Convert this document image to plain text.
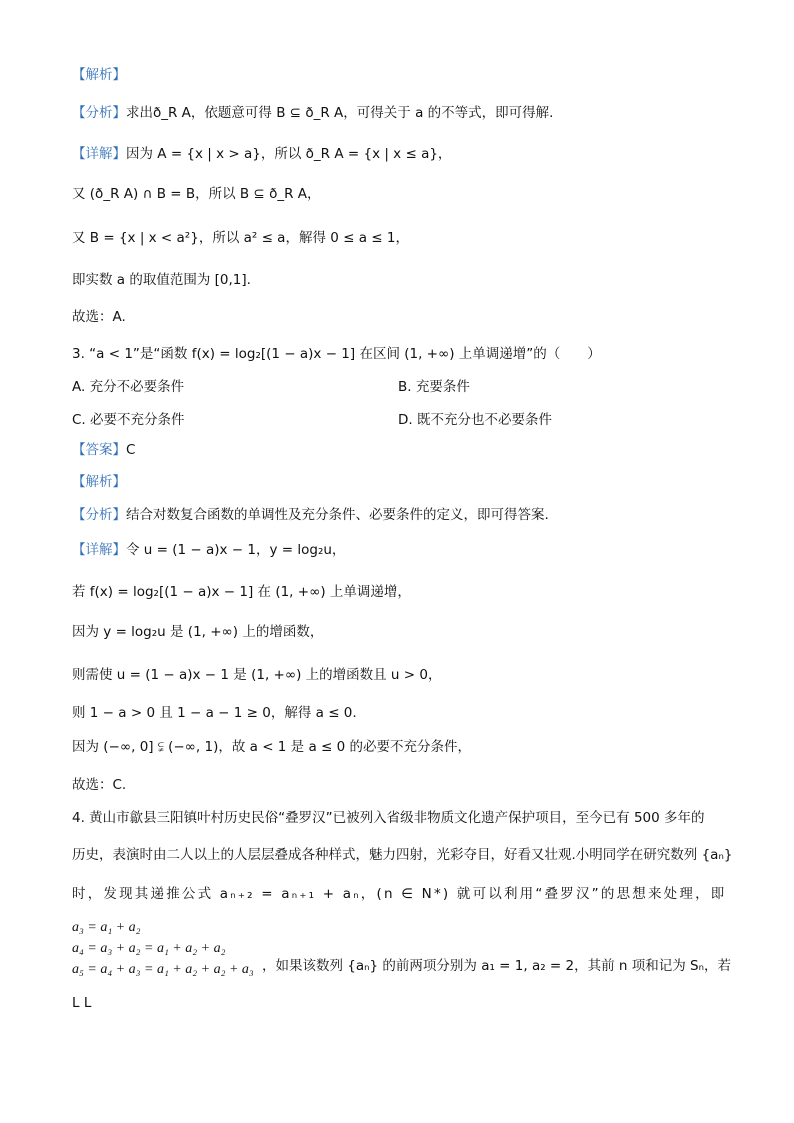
【解析】
【分析】求出ð_R A，依题意可得 B ⊆ ð_R A，可得关于 a 的不等式，即可得解.
【详解】因为 A = {x | x > a}，所以 ð_R A = {x | x ≤ a}，
又 (ð_R A) ∩ B = B，所以 B ⊆ ð_R A，
又 B = {x | x < a²}，所以 a² ≤ a，解得 0 ≤ a ≤ 1，
即实数 a 的取值范围为 [0,1].
故选：A.
3. “a < 1”是“函数 f(x) = log₂[(1 − a)x − 1] 在区间 (1, +∞) 上单调递增”的（　　）
A. 充分不必要条件	B. 充要条件
C. 必要不充分条件	D. 既不充分也不必要条件
【答案】C
【解析】
【分析】结合对数复合函数的单调性及充分条件、必要条件的定义，即可得答案.
【详解】令 u = (1 − a)x − 1，y = log₂u，
若 f(x) = log₂[(1 − a)x − 1] 在 (1, +∞) 上单调递增，
因为 y = log₂u 是 (1, +∞) 上的增函数，
则需使 u = (1 − a)x − 1 是 (1, +∞) 上的增函数且 u > 0，
则 1 − a > 0 且 1 − a − 1 ≥ 0，解得 a ≤ 0.
因为 (−∞, 0] ⫋ (−∞, 1)，故 a < 1 是 a ≤ 0 的必要不充分条件，
故选：C.
4. 黄山市歙县三阳镇叶村历史民俗“叠罗汉”已被列入省级非物质文化遗产保护项目，至今已有 500 多年的
历史，表演时由二人以上的人层层叠成各种样式，魅力四射，光彩夺目，好看又壮观.小明同学在研究数列 {aₙ}
时，发现其递推公式 aₙ₊₂ = aₙ₊₁ + aₙ，(n ∈ N*) 就可以利用“叠罗汉”的思想来处理，即
a₃ = a₁ + a₂
a₄ = a₃ + a₂ = a₁ + a₂ + a₂
a₅ = a₄ + a₃ = a₁ + a₂ + a₂ + a₃ ，如果该数列 {aₙ} 的前两项分别为 a₁ = 1, a₂ = 2，其前 n 项和记为 Sₙ，若
L L
